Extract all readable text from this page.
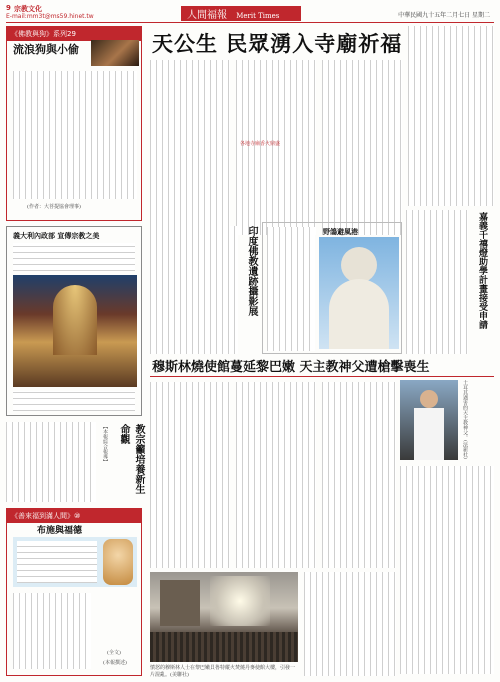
9 宗教文化
E-mail:mm3t@ms59.hinet.tw	人間福報 Merit Times	中華民國九十五年二月七日 星期二
《佛教與狗》系列29
流浪狗與小偷
(作者：大菩提協會理事)
義大利內政部 宣傳宗教之美
教宗籲培養新生命觀
【本報綜合報導】
《善來福到滿人間》⑩
布施與福德
(全文)
(本報撰述)
天公生 民眾湧入寺廟祈福
各地寺廟香火鼎盛
印度佛教遺跡攝影展	野鴿避風港	嘉義千禧燈助學計畫接受申請
穆斯林燒使館蔓延黎巴嫩 天主教神父遭槍擊喪生
土耳其遇害的天主教神父。(法新社)
憤怒的穆斯林人士在黎巴嫩貝魯特縱火焚燒丹麥使館大樓，引發一片混亂。(美聯社)
